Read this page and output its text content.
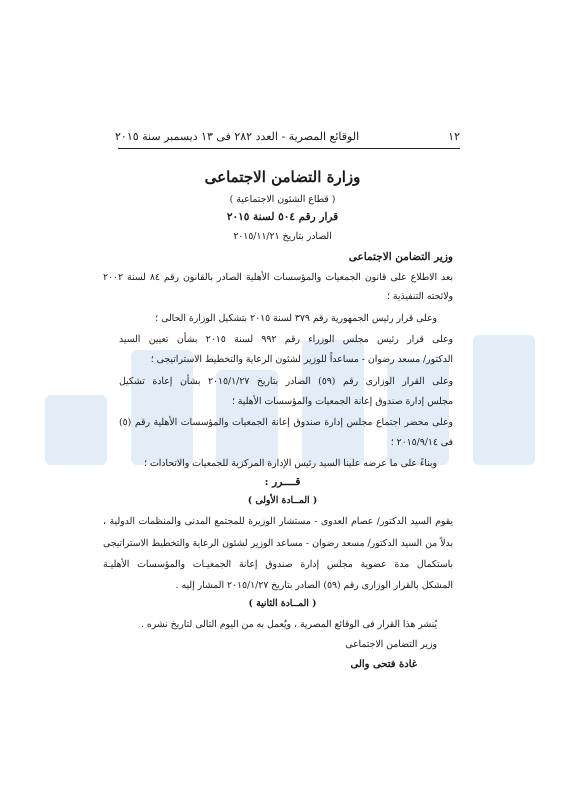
١٢
الوقائع المصرية - العدد ٢٨٢ فى ١٣ ديسمبر سنة ٢٠١٥
وزارة التضامن الاجتماعى
( قطاع الشئون الاجتماعية )
قرار رقم ٥٠٤ لسنة ٢٠١٥
الصادر بتاريخ ٢٠١٥/١١/٢١
وزير التضامن الاجتماعى
بعد الاطلاع على قانون الجمعيات والمؤسسات الأهلية الصادر بالقانون رقم ٨٤ لسنة ٢٠٠٢
ولائحته التنفيذية ؛
وعلى قرار رئيس الجمهورية رقم ٣٧٩ لسنة ٢٠١٥ بتشكيل الوزارة الحالى ؛
وعلى قرار رئيس مجلس الوزراء رقم ٩٩٢ لسنة ٢٠١٥ بشأن تعيين السيد
الدكتور/ مسعد رضوان - مساعداً للوزير لشئون الرعاية والتخطيط الاستراتيجى ؛
وعلى القرار الوزارى رقم (٥٩) الصادر بتاريخ ٢٠١٥/١/٢٧ بشأن إعادة تشكيل
مجلس إدارة صندوق إعانة الجمعيات والمؤسسات الأهلية ؛
وعلى محضر اجتماع مجلس إدارة صندوق إعانة الجمعيات والمؤسسات الأهلية رقم (٥)
فى ٢٠١٥/٩/١٤ ؛
وبناءً على ما عرضه علينا السيد رئيس الإدارة المركزية للجمعيات والاتحادات ؛
قــــرر :
( المــادة الأولى )
يقوم السيد الدكتور/ عصام العدوى - مستشار الوزيرة للمجتمع المدنى والمنظمات الدولية ،
بدلاً من السيد الدكتور/ مسعد رضوان - مساعد الوزير لشئون الرعاية والتخطيط الاستراتيجى
باستكمال مدة عضوية مجلس إدارة صندوق إعانة الجمعيـات والمؤسسات الأهليـة
المشكل بالقرار الوزارى رقم (٥٩) الصادر بتاريخ ٢٠١٥/١/٢٧ المشار إليه .
( المــادة الثانية )
يُنشر هذا القرار فى الوقائع المصرية ، ويُعمل به من اليوم التالى لتاريخ نشره .
وزير التضامن الاجتماعى
غادة فتحى والى
